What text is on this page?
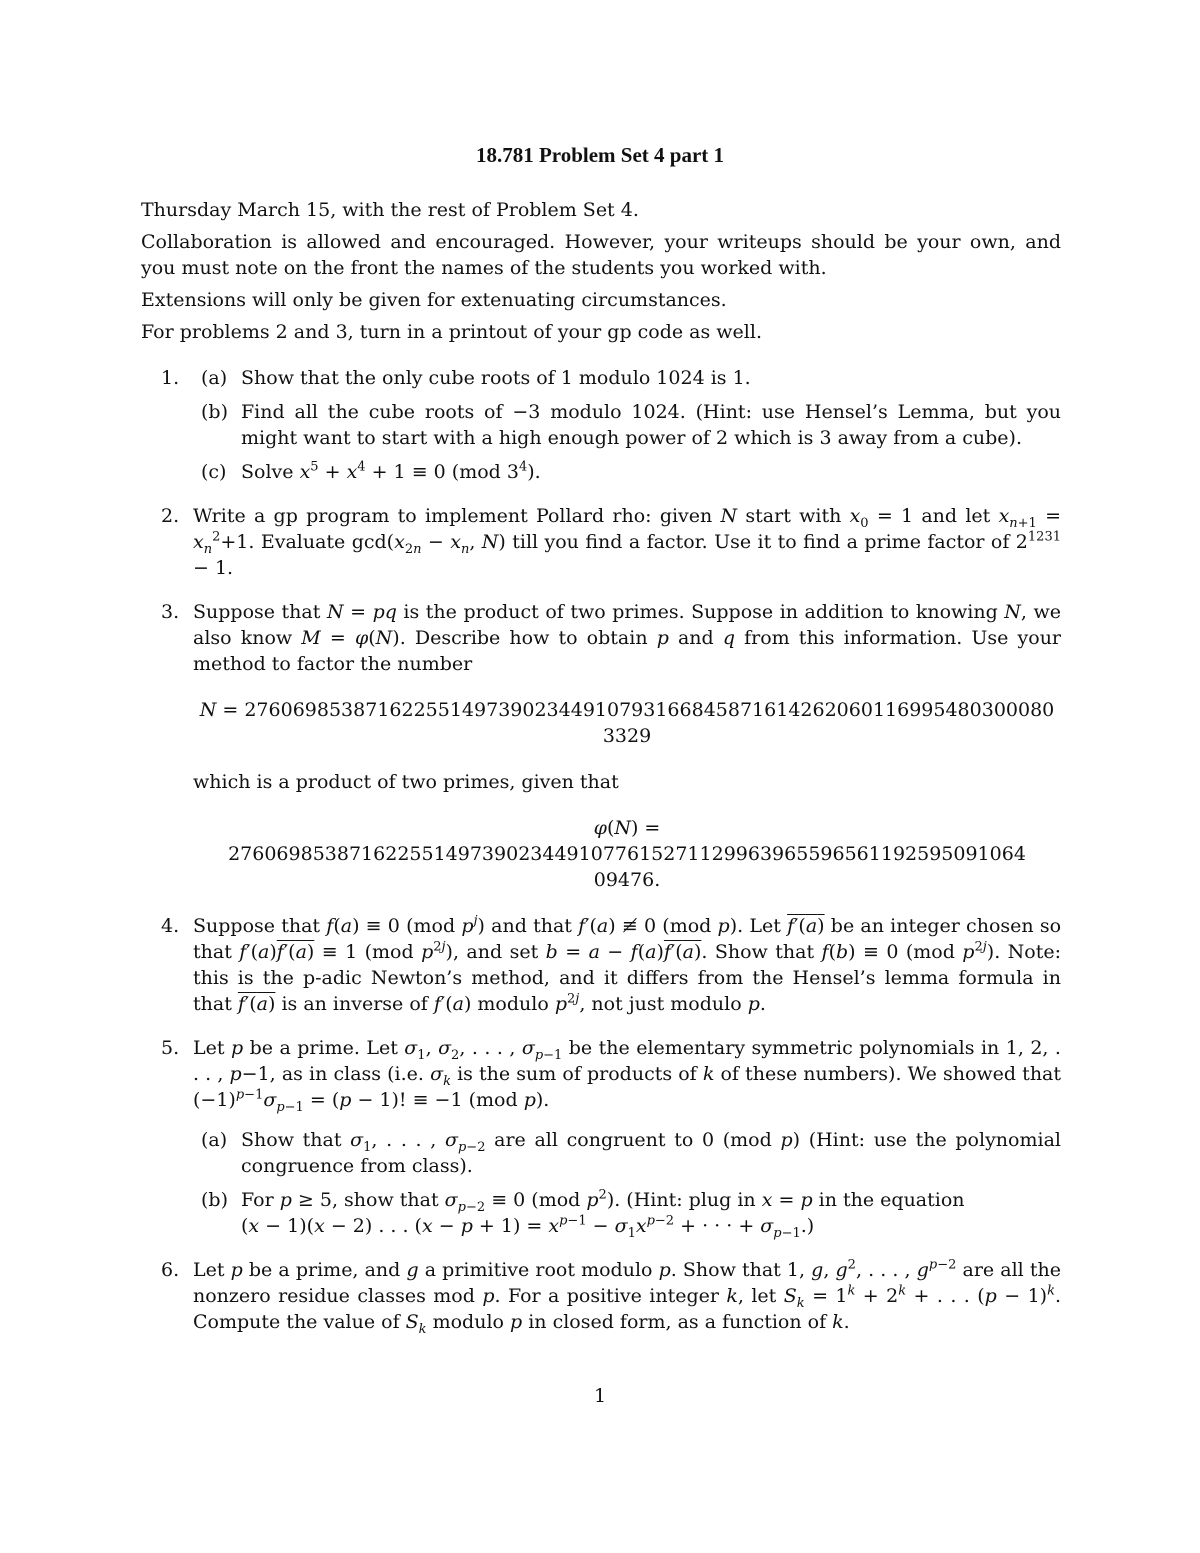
18.781 Problem Set 4 part 1

Thursday March 15, with the rest of Problem Set 4.

Collaboration is allowed and encouraged. However, your writeups should be your own, and you must note on the front the names of the students you worked with.

Extensions will only be given for extenuating circumstances.

For problems 2 and 3, turn in a printout of your gp code as well.

1. (a) Show that the only cube roots of 1 modulo 1024 is 1.
(b) Find all the cube roots of −3 modulo 1024. (Hint: use Hensel’s Lemma, but you might want to start with a high enough power of 2 which is 3 away from a cube).
(c) Solve $x^5 + x^4 + 1 \equiv 0$ (mod $3^4$).
2. Write a gp program to implement Pollard rho: given N start with $x_0 = 1$ and let $x_{n+1} = x_n^2+1$. Evaluate $\gcd(x_{2n} - x_n$, N) till you find a factor. Use it to find a prime factor of $2^{1231} - 1$.
3. Suppose that N = pq is the product of two primes. Suppose in addition to knowing N, we also know M = φ(N). Describe how to obtain p and q from this information. Use your method to factor the number
N = 2760698538716225514973902344910793166845871614262060116995480300080 3329
which is a product of two primes, given that
φ(N) = 276069853871622551497390234491077615271129963965596561192595091064 09476.
4. Suppose that f(a) ≡ 0 (mod $p^j$) and that f′(a) ≢ 0 (mod p). Let f′(a) be an integer chosen so that f′(a)f′(a) ≡ 1 (mod $p^{2j}$), and set b = a − f(a)f′(a). Show that f(b) ≡ 0 (mod $p^{2j}$). Note: this is the p-adic Newton’s method, and it differs from the Hensel’s lemma formula in that f′(a) is an inverse of f′(a) modulo $p^{2j}$, not just modulo p.
5. Let p be a prime. Let $\sigma_1$, $\sigma_2$, . . . , $\sigma_{p-1}$ be the elementary symmetric polynomials in 1, 2, . . . , p−1, as in class (i.e. $\sigma_k$ is the sum of products of k of these numbers). We showed that $(-1)^{p-1}\sigma_{p-1} = (p - 1)$! ≡ −1 (mod p).
(a) Show that $\sigma_1$, . . . , $\sigma_{p-2}$ are all congruent to 0 (mod p) (Hint: use the polynomial congruence from class).
(b) For p ≥ 5, show that $\sigma_{p-2} \equiv 0$ (mod $p^2$). (Hint: plug in x = p in the equation
(x − 1)(x − 2) . . . $(x - p + 1) = x^{p-1} - \sigma_1x^{p-2}$ + · · · + $\sigma_{p-1}$.)
6. Let p be a prime, and g a primitive root modulo p. Show that 1, g, $g^2$, . . . , $g^{p-2}$ are all the nonzero residue classes mod p. For a positive integer k, let $S_k = 1^k + 2^k$ + . . . $(p - 1)^k$. Compute the value of $S_k$ modulo p in closed form, as a function of k.
1
